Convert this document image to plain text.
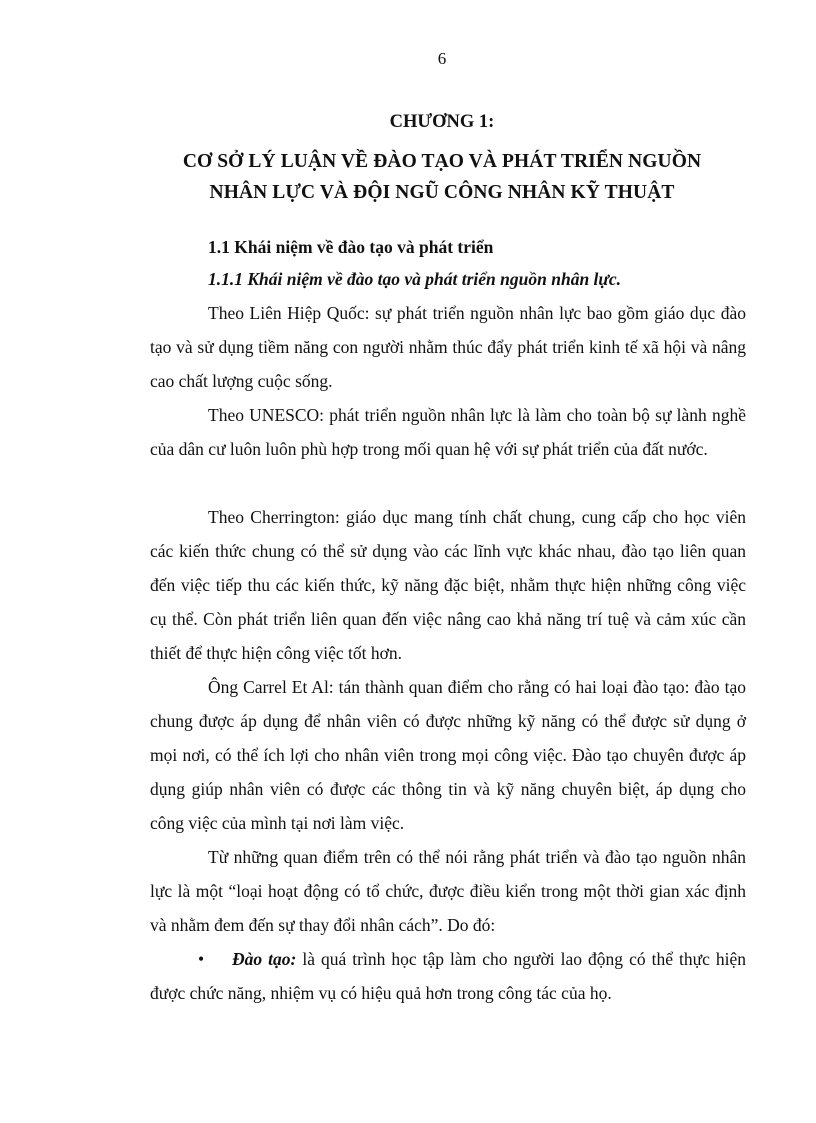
6
CHƯƠNG 1:
CƠ SỞ LÝ LUẬN VỀ ĐÀO TẠO VÀ PHÁT TRIỂN NGUỒN
NHÂN LỰC VÀ ĐỘI NGŨ CÔNG NHÂN KỸ THUẬT
1.1 Khái niệm về đào tạo và phát triển
1.1.1 Khái niệm về đào tạo và phát triển nguồn nhân lực.

Theo Liên Hiệp Quốc: sự phát triển nguồn nhân lực bao gồm giáo dục đào tạo và sử dụng tiềm năng con người nhằm thúc đẩy phát triển kinh tế xã hội và nâng cao chất lượng cuộc sống.

Theo UNESCO: phát triển nguồn nhân lực là làm cho toàn bộ sự lành nghề của dân cư luôn luôn phù hợp trong mối quan hệ với sự phát triển của đất nước.

Theo Cherrington: giáo dục mang tính chất chung, cung cấp cho học viên các kiến thức chung có thể sử dụng vào các lĩnh vực khác nhau, đào tạo liên quan đến việc tiếp thu các kiến thức, kỹ năng đặc biệt, nhằm thực hiện những công việc cụ thể. Còn phát triển liên quan đến việc nâng cao khả năng trí tuệ và cảm xúc cần thiết để thực hiện công việc tốt hơn.

Ông Carrel Et Al: tán thành quan điểm cho rằng có hai loại đào tạo: đào tạo chung được áp dụng để nhân viên có được những kỹ năng có thể được sử dụng ở mọi nơi, có thể ích lợi cho nhân viên trong mọi công việc. Đào tạo chuyên được áp dụng giúp nhân viên có được các thông tin và kỹ năng chuyên biệt, áp dụng cho công việc của mình tại nơi làm việc.

Từ những quan điểm trên có thể nói rằng phát triển và đào tạo nguồn nhân lực là một “loại hoạt động có tổ chức, được điều kiển trong một thời gian xác định và nhằm đem đến sự thay đổi nhân cách”. Do đó:

• Đào tạo: là quá trình học tập làm cho người lao động có thể thực hiện được chức năng, nhiệm vụ có hiệu quả hơn trong công tác của họ.
